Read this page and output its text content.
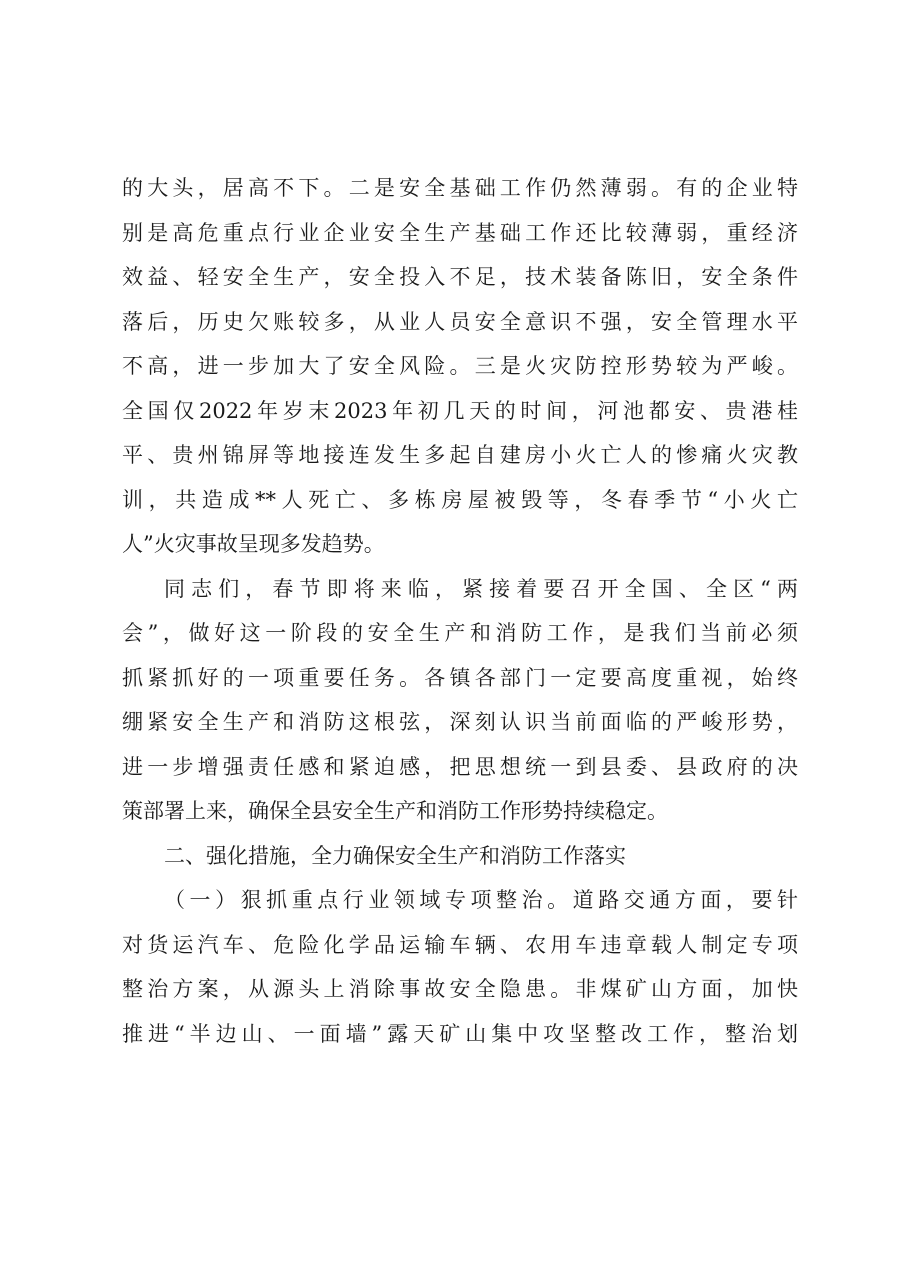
的大头，居高不下。二是安全基础工作仍然薄弱。有的企业特
别是高危重点行业企业安全生产基础工作还比较薄弱，重经济
效益、轻安全生产，安全投入不足，技术装备陈旧，安全条件
落后，历史欠账较多，从业人员安全意识不强，安全管理水平
不高，进一步加大了安全风险。三是火灾防控形势较为严峻。
全国仅2022年岁末2023年初几天的时间，河池都安、贵港桂
平、贵州锦屏等地接连发生多起自建房小火亡人的惨痛火灾教
训，共造成**人死亡、多栋房屋被毁等，冬春季节“小火亡
人”火灾事故呈现多发趋势。
同志们，春节即将来临，紧接着要召开全国、全区“两
会”，做好这一阶段的安全生产和消防工作，是我们当前必须
抓紧抓好的一项重要任务。各镇各部门一定要高度重视，始终
绷紧安全生产和消防这根弦，深刻认识当前面临的严峻形势，
进一步增强责任感和紧迫感，把思想统一到县委、县政府的决
策部署上来，确保全县安全生产和消防工作形势持续稳定。
二、强化措施，全力确保安全生产和消防工作落实
（一）狠抓重点行业领域专项整治。道路交通方面，要针
对货运汽车、危险化学品运输车辆、农用车违章载人制定专项
整治方案，从源头上消除事故安全隐患。非煤矿山方面，加快
推进“半边山、一面墙”露天矿山集中攻坚整改工作，整治划
